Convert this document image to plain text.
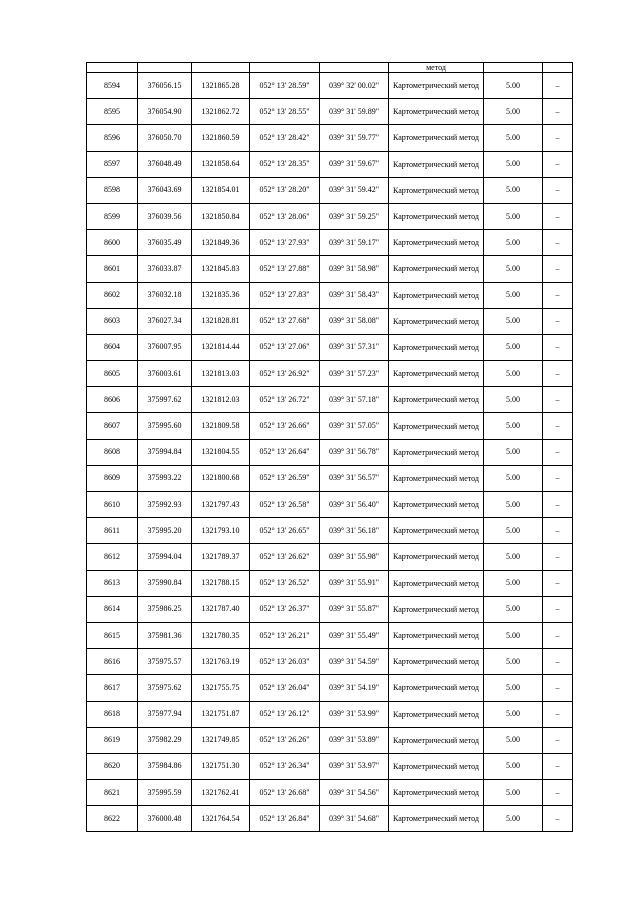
					метод		
8594	376056.15	1321865.28	052° 13' 28.59"	039° 32' 00.02"	Картометрический метод	5.00	–
8595	376054.90	1321862.72	052° 13' 28.55"	039° 31' 59.89"	Картометрический метод	5.00	–
8596	376050.70	1321860.59	052° 13' 28.42"	039° 31' 59.77"	Картометрический метод	5.00	–
8597	376048.49	1321858.64	052° 13' 28.35"	039° 31' 59.67"	Картометрический метод	5.00	–
8598	376043.69	1321854.01	052° 13' 28.20"	039° 31' 59.42"	Картометрический метод	5.00	–
8599	376039.56	1321850.84	052° 13' 28.06"	039° 31' 59.25"	Картометрический метод	5.00	–
8600	376035.49	1321849.36	052° 13' 27.93"	039° 31' 59.17"	Картометрический метод	5.00	–
8601	376033.87	1321845.83	052° 13' 27.88"	039° 31' 58.98"	Картометрический метод	5.00	–
8602	376032.18	1321835.36	052° 13' 27.83"	039° 31' 58.43"	Картометрический метод	5.00	–
8603	376027.34	1321828.81	052° 13' 27.68"	039° 31' 58.08"	Картометрический метод	5.00	–
8604	376007.95	1321814.44	052° 13' 27.06"	039° 31' 57.31"	Картометрический метод	5.00	–
8605	376003.61	1321813.03	052° 13' 26.92"	039° 31' 57.23"	Картометрический метод	5.00	–
8606	375997.62	1321812.03	052° 13' 26.72"	039° 31' 57.18"	Картометрический метод	5.00	–
8607	375995.60	1321809.58	052° 13' 26.66"	039° 31' 57.05"	Картометрический метод	5.00	–
8608	375994.84	1321804.55	052° 13' 26.64"	039° 31' 56.78"	Картометрический метод	5.00	–
8609	375993.22	1321800.68	052° 13' 26.59"	039° 31' 56.57"	Картометрический метод	5.00	–
8610	375992.93	1321797.43	052° 13' 26.58"	039° 31' 56.40"	Картометрический метод	5.00	–
8611	375995.20	1321793.10	052° 13' 26.65"	039° 31' 56.18"	Картометрический метод	5.00	–
8612	375994.04	1321789.37	052° 13' 26.62"	039° 31' 55.98"	Картометрический метод	5.00	–
8613	375990.84	1321788.15	052° 13' 26.52"	039° 31' 55.91"	Картометрический метод	5.00	–
8614	375986.25	1321787.40	052° 13' 26.37"	039° 31' 55.87"	Картометрический метод	5.00	–
8615	375981.36	1321780.35	052° 13' 26.21"	039° 31' 55.49"	Картометрический метод	5.00	–
8616	375975.57	1321763.19	052° 13' 26.03"	039° 31' 54.59"	Картометрический метод	5.00	–
8617	375975.62	1321755.75	052° 13' 26.04"	039° 31' 54.19"	Картометрический метод	5.00	–
8618	375977.94	1321751.87	052° 13' 26.12"	039° 31' 53.99"	Картометрический метод	5.00	–
8619	375982.29	1321749.85	052° 13' 26.26"	039° 31' 53.89"	Картометрический метод	5.00	–
8620	375984.86	1321751.30	052° 13' 26.34"	039° 31' 53.97"	Картометрический метод	5.00	–
8621	375995.59	1321762.41	052° 13' 26.68"	039° 31' 54.56"	Картометрический метод	5.00	–
8622	376000.48	1321764.54	052° 13' 26.84"	039° 31' 54.68"	Картометрический метод	5.00	–
